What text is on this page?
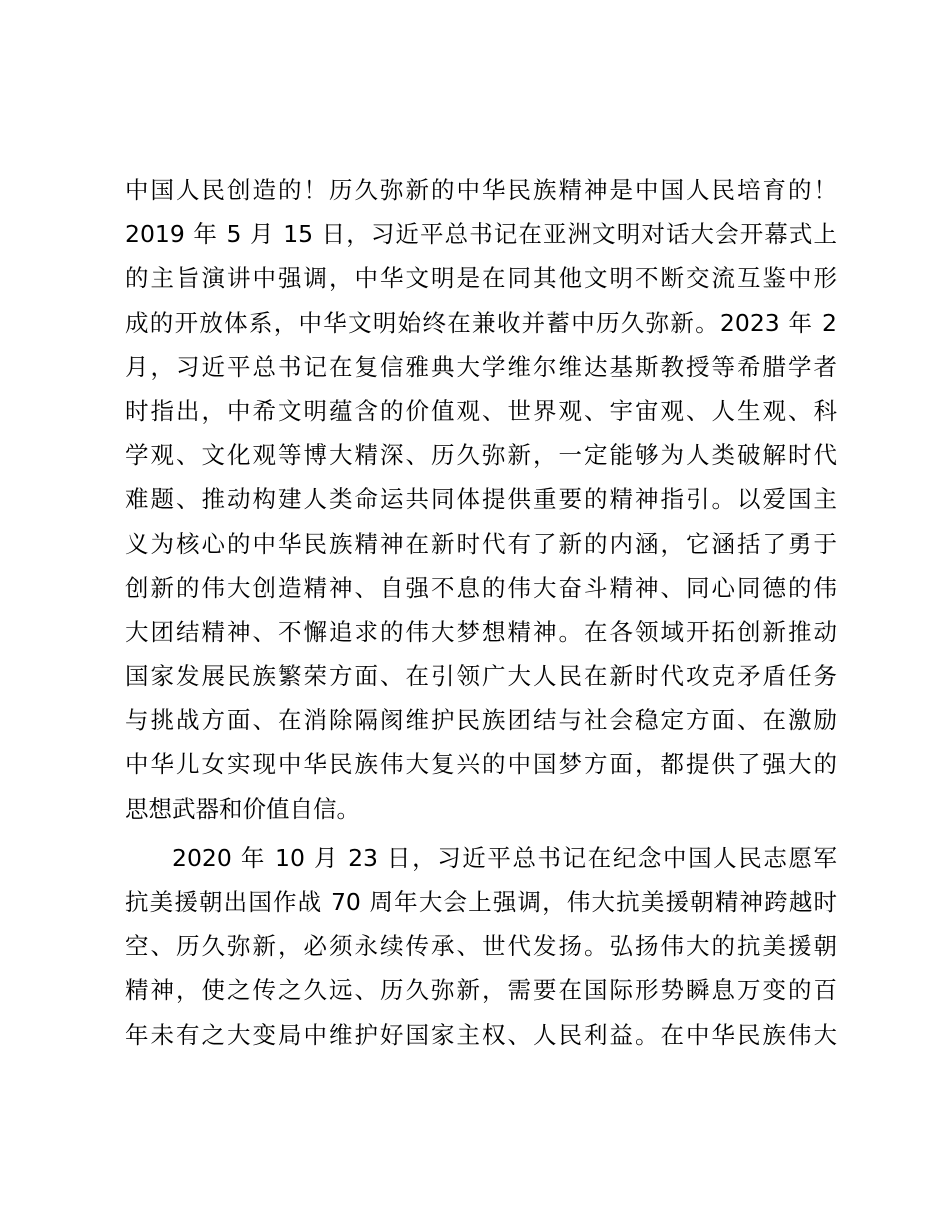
中国人民创造的！历久弥新的中华民族精神是中国人民培育的！
2019 年 5 月 15 日，习近平总书记在亚洲文明对话大会开幕式上
的主旨演讲中强调，中华文明是在同其他文明不断交流互鉴中形
成的开放体系，中华文明始终在兼收并蓄中历久弥新。2023 年 2
月，习近平总书记在复信雅典大学维尔维达基斯教授等希腊学者
时指出，中希文明蕴含的价值观、世界观、宇宙观、人生观、科
学观、文化观等博大精深、历久弥新，一定能够为人类破解时代
难题、推动构建人类命运共同体提供重要的精神指引。以爱国主
义为核心的中华民族精神在新时代有了新的内涵，它涵括了勇于
创新的伟大创造精神、自强不息的伟大奋斗精神、同心同德的伟
大团结精神、不懈追求的伟大梦想精神。在各领域开拓创新推动
国家发展民族繁荣方面、在引领广大人民在新时代攻克矛盾任务
与挑战方面、在消除隔阂维护民族团结与社会稳定方面、在激励
中华儿女实现中华民族伟大复兴的中国梦方面，都提供了强大的
思想武器和价值自信。
2020 年 10 月 23 日，习近平总书记在纪念中国人民志愿军
抗美援朝出国作战 70 周年大会上强调，伟大抗美援朝精神跨越时
空、历久弥新，必须永续传承、世代发扬。弘扬伟大的抗美援朝
精神，使之传之久远、历久弥新，需要在国际形势瞬息万变的百
年未有之大变局中维护好国家主权、人民利益。在中华民族伟大
